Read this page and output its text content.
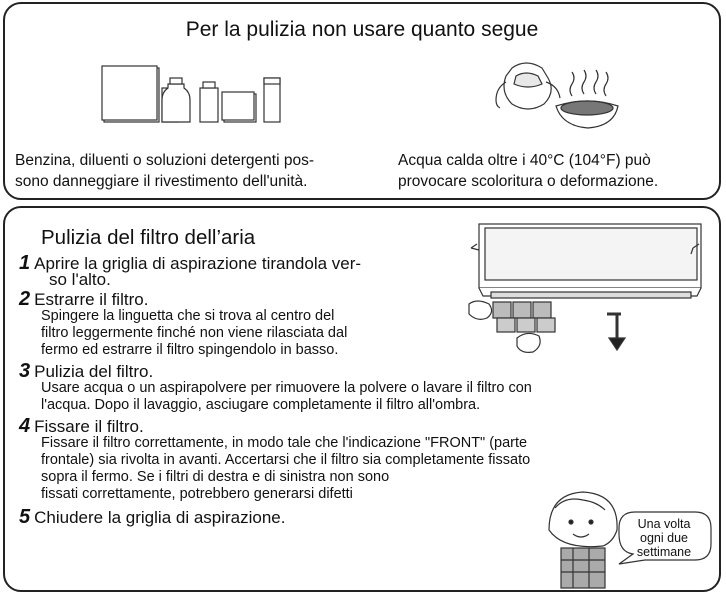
Per la pulizia non usare quanto segue
Benzina, diluenti o soluzioni detergenti pos-
sono danneggiare il rivestimento dell'unità.
Acqua calda oltre i 40°C (104°F) può
provocare scoloritura o deformazione.
Pulizia del filtro dell’aria
1 Aprire la griglia di aspirazione tirandola ver-
so l'alto.
2 Estrarre il filtro.
Spingere la linguetta che si trova al centro del
filtro leggermente finché non viene rilasciata dal
fermo ed estrarre il filtro spingendolo in basso.
3 Pulizia del filtro.
Usare acqua o un aspirapolvere per rimuovere la polvere o lavare il filtro con
l'acqua. Dopo il lavaggio, asciugare completamente il filtro all'ombra.
4 Fissare il filtro.
Fissare il filtro correttamente, in modo tale che l'indicazione "FRONT" (parte
frontale) sia rivolta in avanti. Accertarsi che il filtro sia completamente fissato
sopra il fermo. Se i filtri di destra e di sinistra non sono
fissati correttamente, potrebbero generarsi difetti
5 Chiudere la griglia di aspirazione.	Una volta
ogni due
settimane
